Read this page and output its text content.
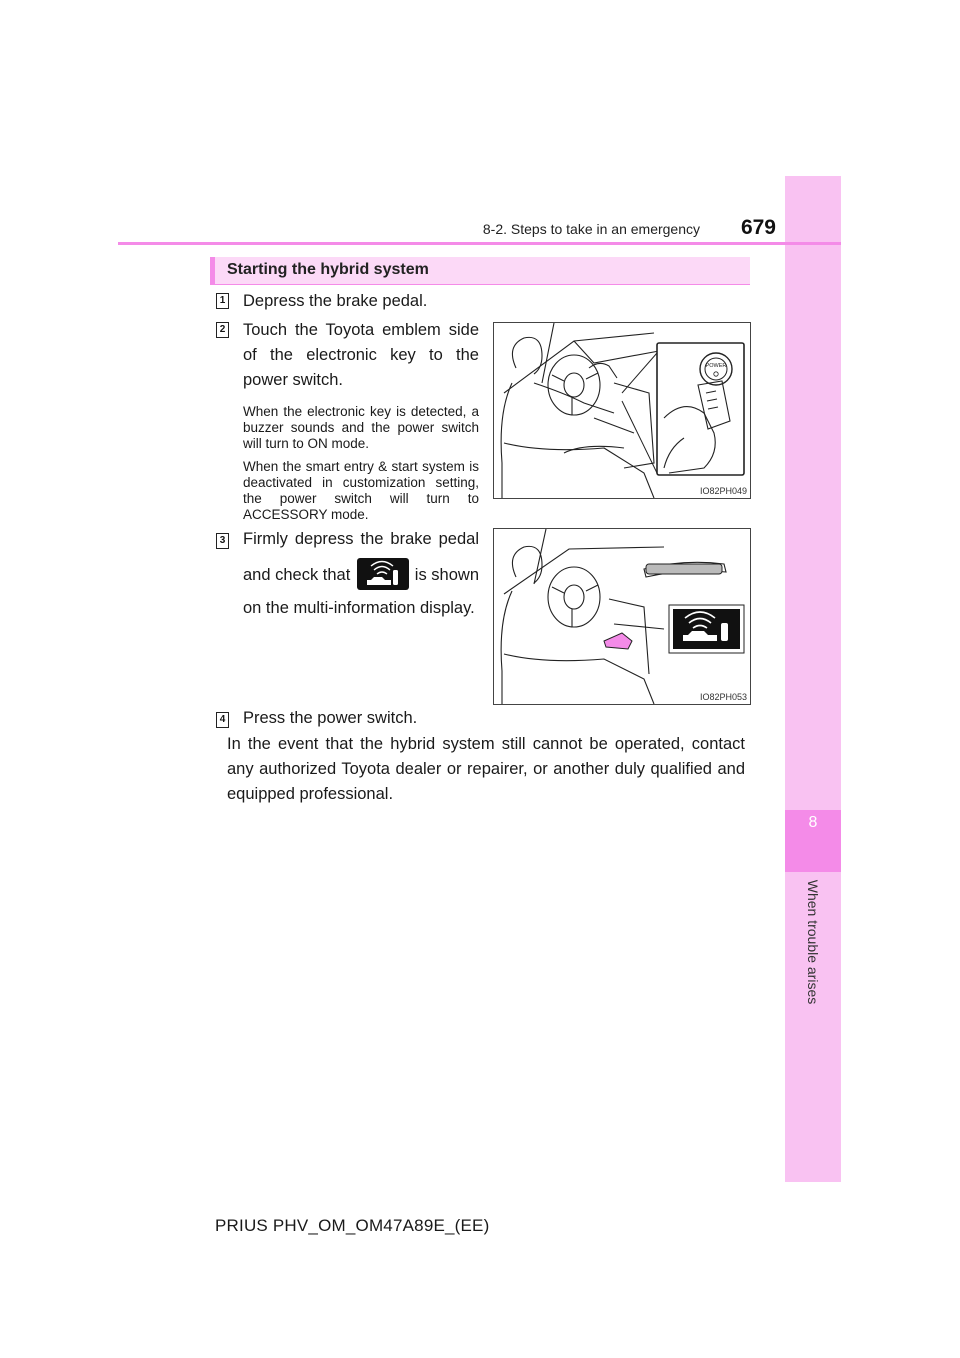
8
When trouble arises
8-2. Steps to take in an emergency	679
Starting the hybrid system
1 Depress the brake pedal.
2 Touch the Toyota emblem side
of the electronic key to the
power switch.
When the electronic key is detected, a buzzer sounds and the power switch will turn to ON mode.
When the smart entry & start system is deactivated in customization setting, the power switch will turn to ACCESSORY mode.
POWER
IO82PH049
3 Firmly depress the brake pedal
and check that	is shown
on the multi-information display.
IO82PH053
4 Press the power switch.
In the event that the hybrid system still cannot be operated, contact any authorized Toyota dealer or repairer, or another duly qualified and equipped professional.
PRIUS PHV_OM_OM47A89E_(EE)
